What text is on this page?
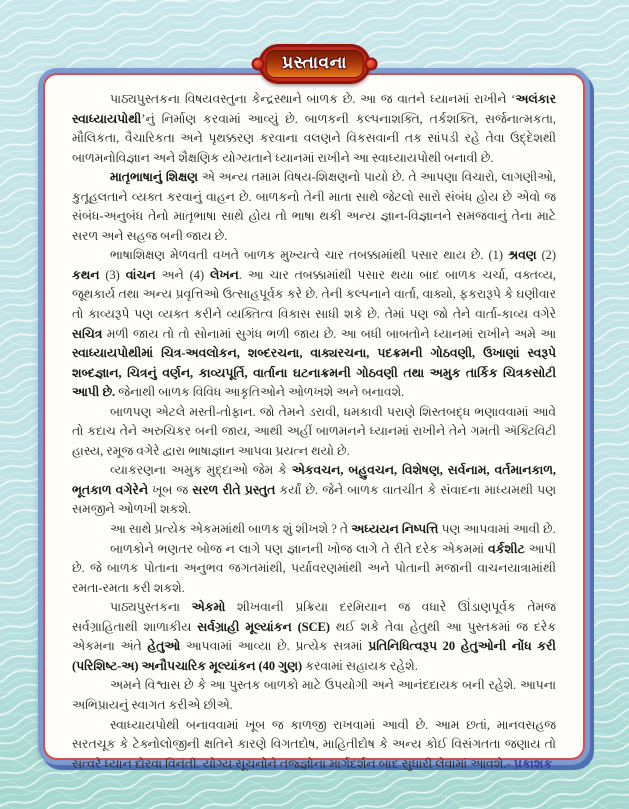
પાઠ્યપુસ્તકના વિષયવસ્તુના કેન્દ્રસ્થાને બાળક છે. આ જ વાતને ધ્યાનમાં રાખીને ‘અલંકાર સ્વાધ્યાયપોથી’નું નિર્માણ કરવામાં આવ્યું છે. બાળકની કલ્પનાશક્તિ, તર્કશક્તિ, સર્જનાત્મકતા, મૌલિકતા, વૈચારિકતા અને પૃથક્કરણ કરવાના વલણને વિકસવાની તક સાંપડી રહે તેવા ઉદ્દેશથી બાળમનોવિજ્ઞાન અને શૈક્ષણિક યોગ્યતાને ધ્યાનમાં રાખીને આ સ્વાધ્યાયપોથી બનાવી છે.

માતૃભાષાનું શિક્ષણ એ અન્ય તમામ વિષય-શિક્ષણનો પાયો છે. તે આપણા વિચારો, લાગણીઓ, કુતૂહલતાને વ્યક્ત કરવાનું વાહન છે. બાળકનો તેની માતા સાથે જેટલો સારો સંબંધ હોય છે એવો જ સંબંધ-અનુબંધ તેનો માતૃભાષા સાથે હોય તો ભાષા થકી અન્ય જ્ઞાન-વિજ્ઞાનને સમજવાનું તેના માટે સરળ અને સહજ બની જાય છે.

ભાષાશિક્ષણ મેળવતી વખતે બાળક મુખ્યત્વે ચાર તબક્કામાંથી પસાર થાય છે. (1) શ્રવણ (2) કથન (3) વાંચન અને (4) લેખન. આ ચાર તબક્કામાંથી પસાર થયા બાદ બાળક ચર્ચા, વક્તવ્ય, જૂથકાર્ય તથા અન્ય પ્રવૃત્તિઓ ઉત્સાહપૂર્વક કરે છે. તેની કલ્પનાને વાર્તા, વાક્યો, ફકરારૂપે કે ઘણીવાર તો કાવ્યરૂપે પણ વ્યક્ત કરીને વ્યક્તિત્વ વિકાસ સાધી શકે છે. તેમાં પણ જો તેને વાર્તા-કાવ્ય વગેરે સચિત્ર મળી જાય તો તો સોનામાં સુગંધ ભળી જાય છે. આ બધી બાબતોને ધ્યાનમાં રાખીને અમે આ સ્વાધ્યાયપોથીમાં ચિત્ર-અવલોકન, શબ્દરચના, વાક્યરચના, પદક્રમની ગોઠવણી, ઉખાણાં સ્વરૂપે શબ્દજ્ઞાન, ચિત્રનું વર્ણન, કાવ્યપૂર્તિ, વાર્તાના ઘટનાક્રમની ગોઠવણી તથા અમુક તાર્કિક ચિત્રકસોટી આપી છે. જેનાથી બાળક વિવિધ આકૃતિઓને ઓળખશે અને બનાવશે.

બાળપણ એટલે મસ્તી-તોફાન. જો તેમને ડરાવી, ધમકાવી પરાણે શિસ્તબદ્ધ ભણાવવામાં આવે તો કદાચ તેને અરુચિકર બની જાય, આથી અહીં બાળમનને ધ્યાનમાં રાખીને તેને ગમતી ઍક્ટિવિટી હાસ્ય, રમૂજ વગેરે દ્વારા ભાષાજ્ઞાન આપવા પ્રયત્ન થયો છે.

વ્યાકરણના અમુક મુદ્દાઓ જેમ કે એકવચન, બહુવચન, વિશેષણ, સર્વનામ, વર્તમાનકાળ, ભૂતકાળ વગેરેને ખૂબ જ સરળ રીતે પ્રસ્તુત કર્યાં છે. જેને બાળક વાતચીત કે સંવાદના માધ્યમથી પણ સમજીને ઓળખી શકશે.

આ સાથે પ્રત્યેક એકમમાંથી બાળક શું શીખશે ? તે અધ્યયન નિષ્પત્તિ પણ આપવામાં આવી છે.

બાળકોને ભણતર બોજ ન લાગે પણ જ્ઞાનની ખોજ લાગે તે રીતે દરેક એકમમાં વર્કશીટ આપી છે. જે બાળક પોતાના અનુભવ જગતમાંથી, પર્યાવરણમાંથી અને પોતાની મજાની વાચનયાત્રામાંથી રમતા-રમતા કરી શકશે.

પાઠ્યપુસ્તકના એકમો શીખવાની પ્રક્રિયા દરમિયાન જ વધારે ઊંડાણપૂર્વક તેમજ સર્વગ્રાહિતાથી શાળાકીય સર્વગ્રાહી મૂલ્યાંકન (SCE) થઈ શકે તેવા હેતુથી આ પુસ્તકમાં જ દરેક એકમના અંતે હેતુઓ આપવામાં આવ્યા છે. પ્રત્યેક સત્રમાં પ્રતિનિધિત્વરૂપ 20 હેતુઓની નોંધ કરી (પરિશિષ્ટ-અ) અનૌપચારિક મૂલ્યાંકન (40 ગુણ) કરવામાં સહાયક રહેશે.

અમને વિશ્વાસ છે કે આ પુસ્તક બાળકો માટે ઉપયોગી અને આનંદદાયક બની રહેશે. આપના અભિપ્રાયનું સ્વાગત કરીએ છીએ.

સ્વાધ્યાયપોથી બનાવવામાં ખૂબ જ કાળજી રાખવામાં આવી છે. આમ છતાં, માનવસહજ સરતચૂક કે ટેક્નોલોજીની ક્ષતિને કારણે વિગતદોષ, માહિતીદોષ કે અન્ય કોઈ વિસંગતતા જણાય તો સત્વરે ધ્યાન દોરવા વિનંતી. યોગ્ય સૂચનોને તજ્જ્ઞોના માર્ગદર્શન બાદ સુધારી લેવામાં આવશે. - પ્રકાશક
પ્રસ્તાવના
